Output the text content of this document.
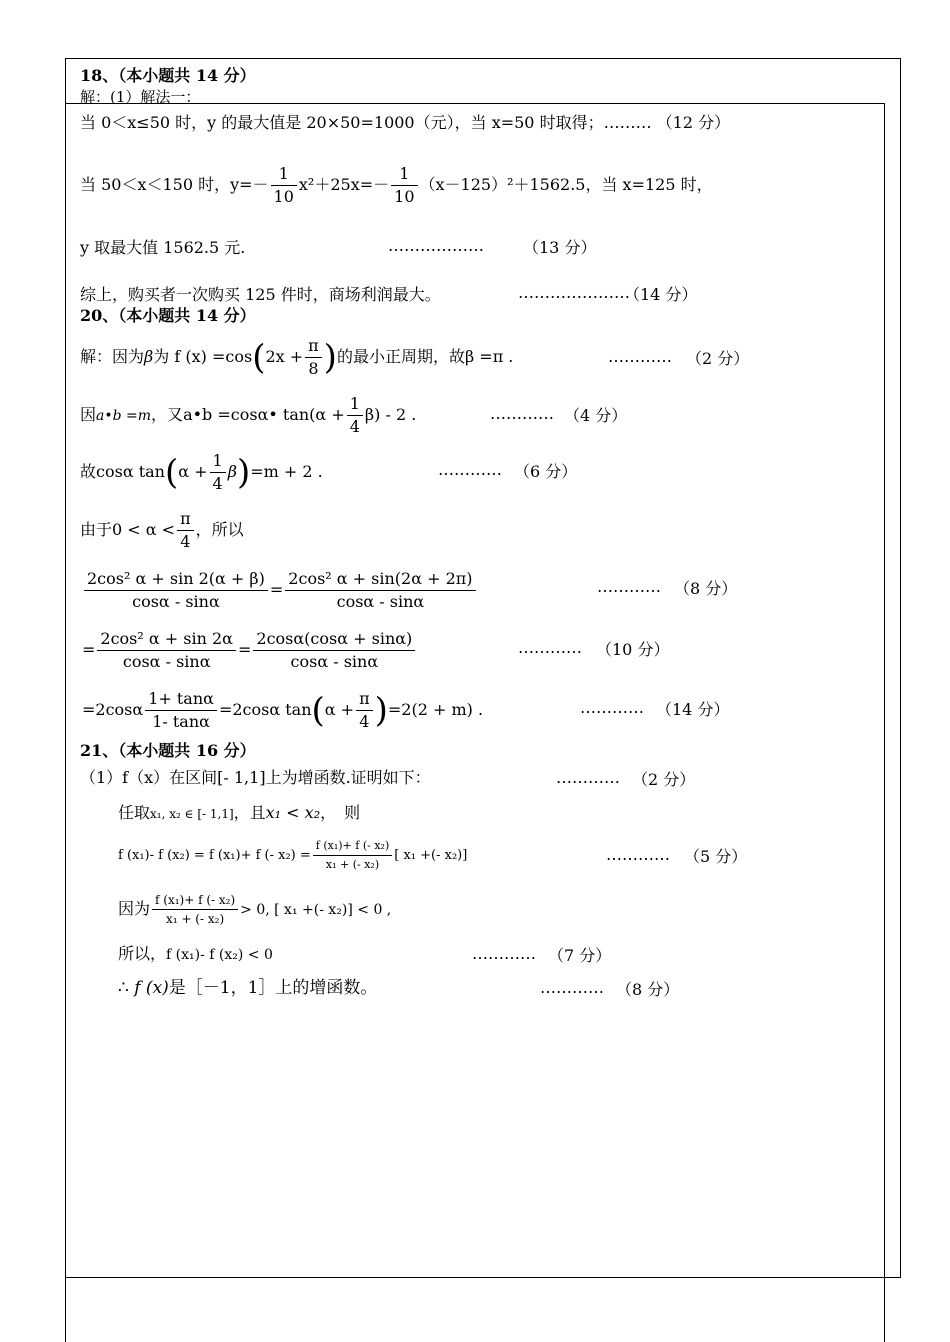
18、（本小题共 14 分）
解：(1）解法一：
当 0＜x≤50 时，y 的最大值是 20×50=1000（元），当 x=50 时取得；……… （12 分）
当 50＜x＜150 时，$y=- \frac{1}{10} x^2+25x=- \frac{1}{10} (x-125)^2+1562.5$，当 x=125 时，
y 取最大值 1562.5 元.	……………… （13 分）
综上，购买者一次购买 125 件时，商场利润最大。	…………………
（14 分）
20、（本小题共 14 分）
解：因为β为 f $(x) =\cos(2x + \frac{\pi}{8}$ )的最小正周期，故β =π .	………… （2 分）
因a•b =m，又a•b =cosα• $\tan(\alpha + \frac{1}{4} \beta) - 2$ .	………… （4 分）
故cosα $\tan(\alpha + \frac{1}{4} \beta)=m + 2$ .	………… （6 分）
由于$0 < \alpha < \frac{\pi}{4}$ ，所以
$\frac{\text{2cos² α + sin 2(α + β)}}{\cos\alpha - \sin\alpha} = \frac{\text{2cos² α + sin(2α + 2π)}}{\cos\alpha - \sin\alpha}$	………… （8 分）
= $\frac{\text{2cos² α + sin 2α}}{\cos\alpha - \sin\alpha} = \frac{2\cos\alpha(\cos\alpha + \sin\alpha)}{\cos\alpha - \sin\alpha}$	………… （10 分）
$=2\cos\alpha \frac{1+ \tan\alpha}{1- \tan\alpha} =2\cos\alpha$ $\tan(\alpha + \frac{\pi}{4} )=2(2 + m)$ .	………… （14 分）
21、（本小题共 16 分）
（1）f（x）在区间[- 1,1]上为增函数.证明如下：	………… （2 分）
任取x₁, x₂ ∈ [- 1,1]，且x₁ < x₂，　则
f (x₁)- f (x₂) = f (x₁)+ f (- $x_2) = \frac{\text{f (x₁)+ f (- x₂)}}{\text{x₁ + (- x₂)}}$ [ x₁ +(- x₂)]	………… （5 分）
因为 $\frac{\text{f (x₁)+ f (- x₂)}}{\text{x₁ + (- x₂)}} > 0$, [ x₁ +(- x₂)] < 0 ,
所以，f (x₁)- f (x₂) < 0	………… （7 分）
∴ f (x)是［－1，1］上的增函数。	………… （8 分）
